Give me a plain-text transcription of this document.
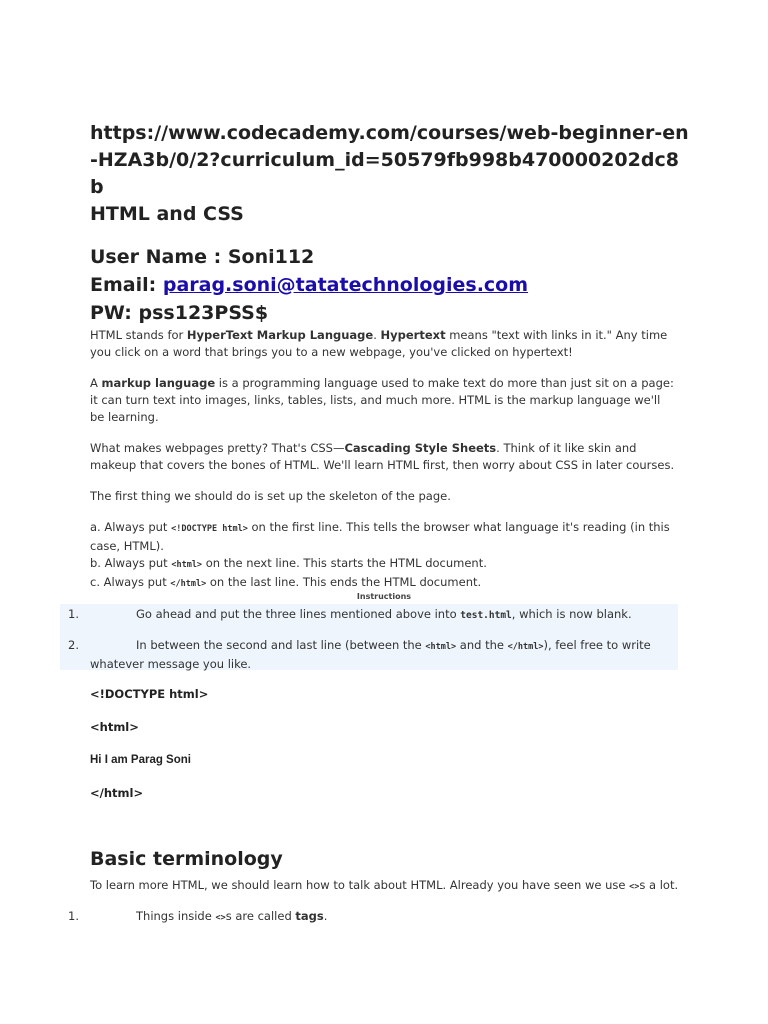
https://www.codecademy.com/courses/web-beginner-en-HZA3b/0/2?curriculum_id=50579fb998b470000202dc8b
HTML and CSS
User Name : Soni112
Email: parag.soni@tatatechnologies.com
PW: pss123PSS$

HTML stands for HyperText Markup Language. Hypertext means "text with links in it." Any time you click on a word that brings you to a new webpage, you've clicked on hypertext!

A markup language is a programming language used to make text do more than just sit on a page: it can turn text into images, links, tables, lists, and much more. HTML is the markup language we'll be learning.

What makes webpages pretty? That's CSS—Cascading Style Sheets. Think of it like skin and makeup that covers the bones of HTML. We'll learn HTML first, then worry about CSS in later courses.

The first thing we should do is set up the skeleton of the page.

a. Always put <!DOCTYPE html> on the first line. This tells the browser what language it's reading (in this case, HTML).
b. Always put <html> on the next line. This starts the HTML document.
c. Always put </html> on the last line. This ends the HTML document.
Instructions
1.	Go ahead and put the three lines mentioned above into test.html, which is now blank.
2.	In between the second and last line (between the <html> and the </html>), feel free to write whatever message you like.
<!DOCTYPE html>
<html>
Hi I am Parag Soni
</html>
Basic terminology
To learn more HTML, we should learn how to talk about HTML. Already you have seen we use <>s a lot.
1.	Things inside <>s are called tags.
